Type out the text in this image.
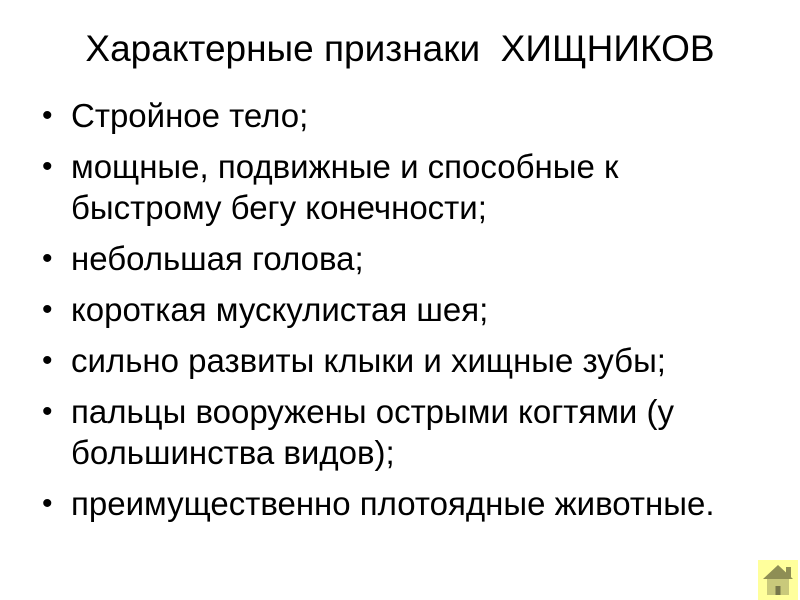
Характерные признаки  ХИЩНИКОВ
• Стройное тело;
• мощные, подвижные и способные к быстрому бегу конечности;
• небольшая голова;
• короткая мускулистая шея;
• сильно развиты клыки и хищные зубы;
• пальцы вооружены острыми когтями (у большинства видов);
• преимущественно плотоядные животные.
